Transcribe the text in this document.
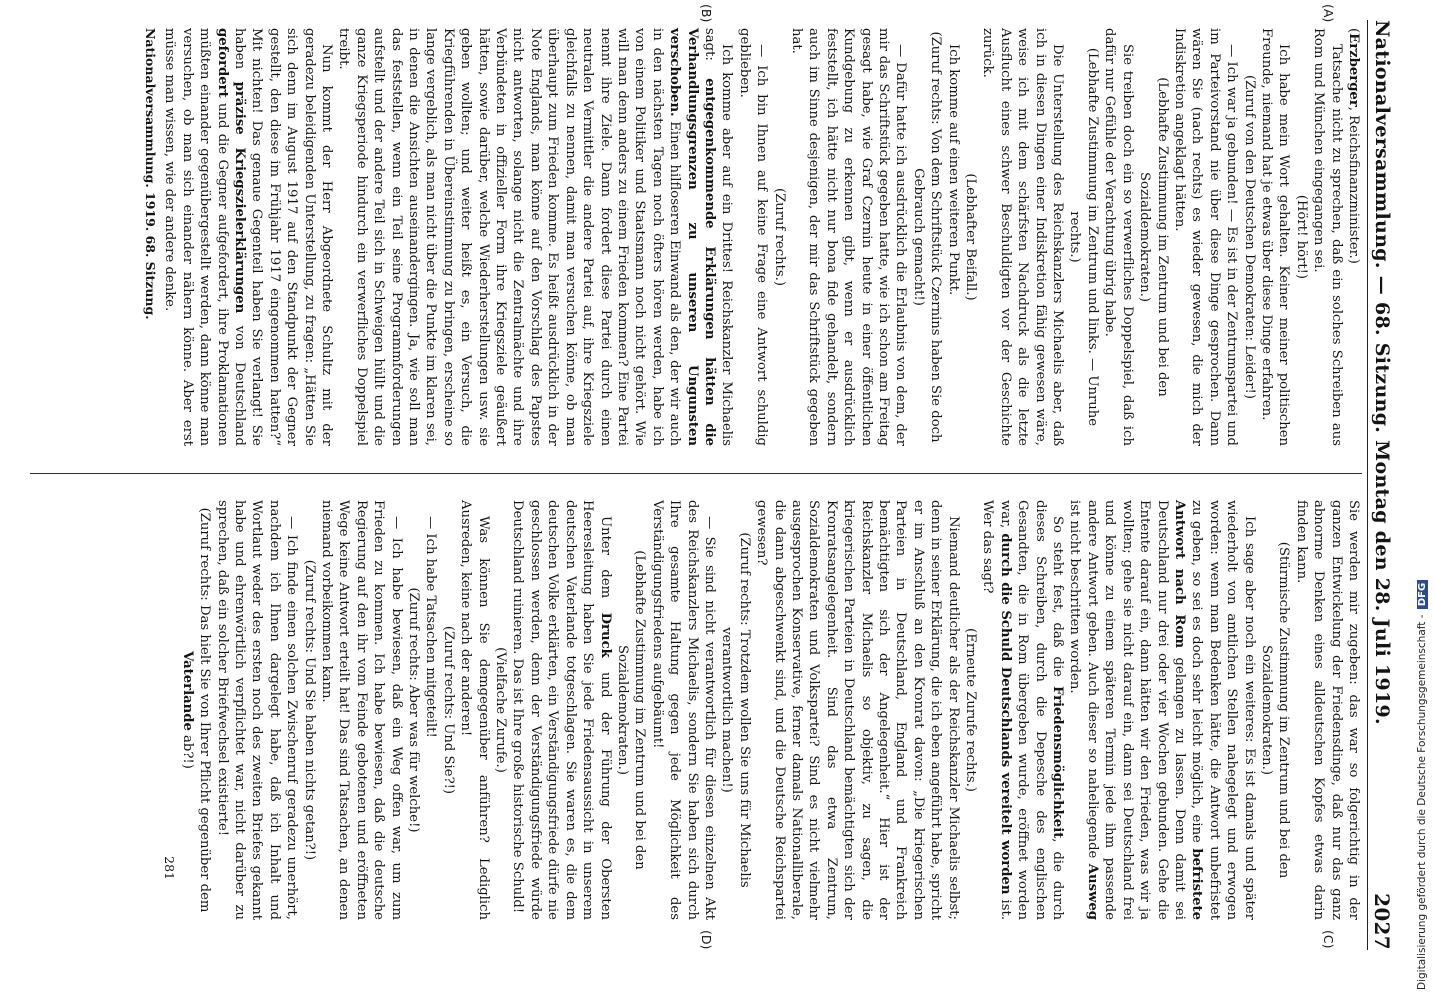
Nationalversammlung. — 68. Sitzung. Montag den 28. Juli 1919.
2027
(A)
(B)
(C)
(D)

(Erzberger, Reichsfinanzminister.)

Tatsache nicht zu sprechen, daß ein solches Schreiben aus Rom und München eingegangen sei.

(Hört! hört!)

Ich habe mein Wort gehalten. Keiner meiner politischen Freunde, niemand hat je etwas über diese Dinge erfahren.

(Zuruf von den Deutschen Demokraten: Leider!)

— Ich war ja gebunden! — Es ist in der Zentrumspartei und im Parteivorstand nie über diese Dinge gesprochen. Dann wären Sie (nach rechts) es wieder gewesen, die mich der Indiskretion angeklagt hätten.

(Lebhafte Zustimmung im Zentrum und bei den Sozialdemokraten.)

Sie treiben doch ein so verwerfliches Doppelspiel, daß ich dafür nur Gefühle der Verachtung übrig habe.

(Lebhafte Zustimmung im Zentrum und links. — Unruhe rechts.)

Die Unterstellung des Reichskanzlers Michaelis aber, daß ich in diesen Dingen einer Indiskretion fähig gewesen wäre, weise ich mit dem schärfsten Nachdruck als die letzte Ausflucht eines schwer Beschuldigten vor der Geschichte zurück.

(Lebhafter Beifall.)

Ich komme auf einen weiteren Punkt.

(Zuruf rechts: Von dem Schriftstück Czernins haben Sie doch Gebrauch gemacht!)

— Dafür hatte ich ausdrücklich die Erlaubnis von dem, der mir das Schriftstück gegeben hatte, wie ich schon am Freitag gesagt habe, wie Graf Czernin heute in einer öffentlichen Kundgebung zu erkennen gibt, wenn er ausdrücklich feststellt, ich hätte nicht nur bona fide gehandelt, sondern auch im Sinne desjenigen, der mir das Schriftstück gegeben hat.

(Zuruf rechts.)

— Ich bin Ihnen auf keine Frage eine Antwort schuldig geblieben.

Ich komme aber auf ein Drittes! Reichskanzler Michaelis sagt: entgegenkommende Erklärungen hätten die Verhandlungsgrenzen zu unseren Ungunsten verschoben. Einen hilfloseren Einwand als den, der wir auch in den nächsten Tagen noch öfters hören werden, habe ich von einem Politiker und Staatsmann noch nicht gehört. Wie will man denn anders zu einem Frieden kommen? Eine Partei nennt ihre Ziele. Dann fordert diese Partei durch einen neutralen Vermittler die andere Partei auf, ihre Kriegsziele gleichfalls zu nennen, damit man versuchen könne, ob man überhaupt zum Frieden komme. Es heißt ausdrücklich in der Note Englands, man könne auf den Vorschlag des Papstes nicht antworten, solange nicht die Zentralmächte und ihre Verbündeten in offizieller Form ihre Kriegsziele geäußert hätten, sowie darüber, welche Wiederherstellungen usw. sie geben wollten; und weiter heißt es, ein Versuch, die Kriegführenden in Übereinstimmung zu bringen, erscheine so lange vergeblich, als man nicht über die Punkte im klaren sei, in denen die Ansichten auseinandergingen. Ja, wie soll man das feststellen, wenn ein Teil seine Programmforderungen aufstellt und der andere Teil sich in Schweigen hüllt und die ganze Kriegsperiode hindurch ein verwerfliches Doppelspiel treibt.

Nun kommt der Herr Abgeordnete Schultz mit der geradezu beleidigenden Unterstellung, zu fragen: „Hätten Sie sich denn im August 1917 auf den Standpunkt der Gegner gestellt, den diese im Frühjahr 1917 eingenommen hatten?“ Mit nichten! Das genaue Gegenteil haben Sie verlangt! Sie haben präzise Kriegszielerklärungen von Deutschland gefordert und die Gegner aufgefordert, ihre Proklamationen müßten einander gegenübergestellt werden, dann könne man versuchen, ob man sich einander nähern könne. Aber erst müsse man wissen, wie der andere denke.

Nationalversammlung. 1919. 68. Sitzung.

Sie werden mir zugeben: das war so folgerichtig in der ganzen Entwickelung der Friedensdinge, daß nur das ganz abnorme Denken eines alldeutschen Kopfes etwas darin finden kann.

(Stürmische Zustimmung im Zentrum und bei den Sozialdemokraten.)

Ich sage aber noch ein weiteres: Es ist damals und später wiederholt von amtlichen Stellen nahegelegt und erwogen worden: wenn man Bedenken hätte, die Antwort unbefristet zu geben, so sei es doch sehr leicht möglich, eine befristete Antwort nach Rom gelangen zu lassen. Denn damit sei Deutschland nur drei oder vier Wochen gebunden. Gehe die Entente darauf ein, dann hätten wir den Frieden, was wir ja wollten; gehe sie nicht darauf ein, dann sei Deutschland frei und könne zu einem späteren Termin jede ihm passende andere Antwort geben. Auch dieser so naheliegende Ausweg ist nicht beschritten worden.

So steht fest, daß die Friedensmöglichkeit, die durch dieses Schreiben, durch die Depesche des englischen Gesandten, die in Rom übergeben wurde, eröffnet worden war, durch die Schuld Deutschlands vereitelt worden ist. Wer das sagt?

(Erneute Zurufe rechts.)

Niemand deutlicher als der Reichskanzler Michaelis selbst; denn in seiner Erklärung, die ich eben angeführt habe, spricht er im Anschluß an den Kronrat davon: „Die kriegerischen Parteien in Deutschland, England und Frankreich bemächtigten sich der Angelegenheit.“ Hier ist der Reichskanzler Michaelis so objektiv, zu sagen, die kriegerischen Parteien in Deutschland bemächtigten sich der Kronratsangelegenheit. Sind das etwa Zentrum, Sozialdemokraten und Volkspartei? Sind es nicht vielmehr ausgesprochen Konservative, ferner damals Nationalliberale, die dann abgeschwenkt sind, und die Deutsche Reichspartei gewesen?

(Zuruf rechts: Trotzdem wollen Sie uns für Michaelis verantwortlich machen!)

— Sie sind nicht verantwortlich für diesen einzelnen Akt des Reichskanzlers Michaelis, sondern Sie haben sich durch Ihre gesamte Haltung gegen jede Möglichkeit des Verständigungsfriedens aufgebäumt!

(Lebhafte Zustimmung im Zentrum und bei den Sozialdemokraten.)

Unter dem Druck und der Führung der Obersten Heeresleitung haben Sie jede Friedensaussicht in unserem deutschen Vaterlande totgeschlagen. Sie waren es, die dem deutschen Volke erklärten, ein Verständigungsfriede dürfe nie geschlossen werden, denn der Verständigungsfriede würde Deutschland ruinieren. Das ist Ihre große historische Schuld!

(Vielfache Zurufe.)

Was können Sie demgegenüber anführen? Lediglich Ausreden, keine nach der anderen!

(Zuruf rechts: Und Sie?!)

— Ich habe Tatsachen mitgeteilt!

(Zuruf rechts: Aber was für welche!)

— Ich habe bewiesen, daß ein Weg offen war, um zum Frieden zu kommen. Ich habe bewiesen, daß die deutsche Regierung auf den ihr vom Feinde gebotenen und eröffneten Wege keine Antwort erteilt hat! Das sind Tatsachen, an denen niemand vorbeikommen kann.

(Zuruf rechts: Und Sie haben nichts getan?!)

— Ich finde einen solchen Zwischenruf geradezu unerhört, nachdem ich Ihnen dargelegt habe, daß ich Inhalt und Wortlaut weder des ersten noch des zweiten Briefes gekannt habe und ehrenwörtlich verpflichtet war, nicht darüber zu sprechen, daß ein solcher Briefwechsel existierte!

(Zuruf rechts: Das hielt Sie von Ihrer Pflicht gegenüber dem Vaterlande ab?!)

281	Digitalisierung gefördert durch die Deutsche Forschungsgemeinschaft - DFG
